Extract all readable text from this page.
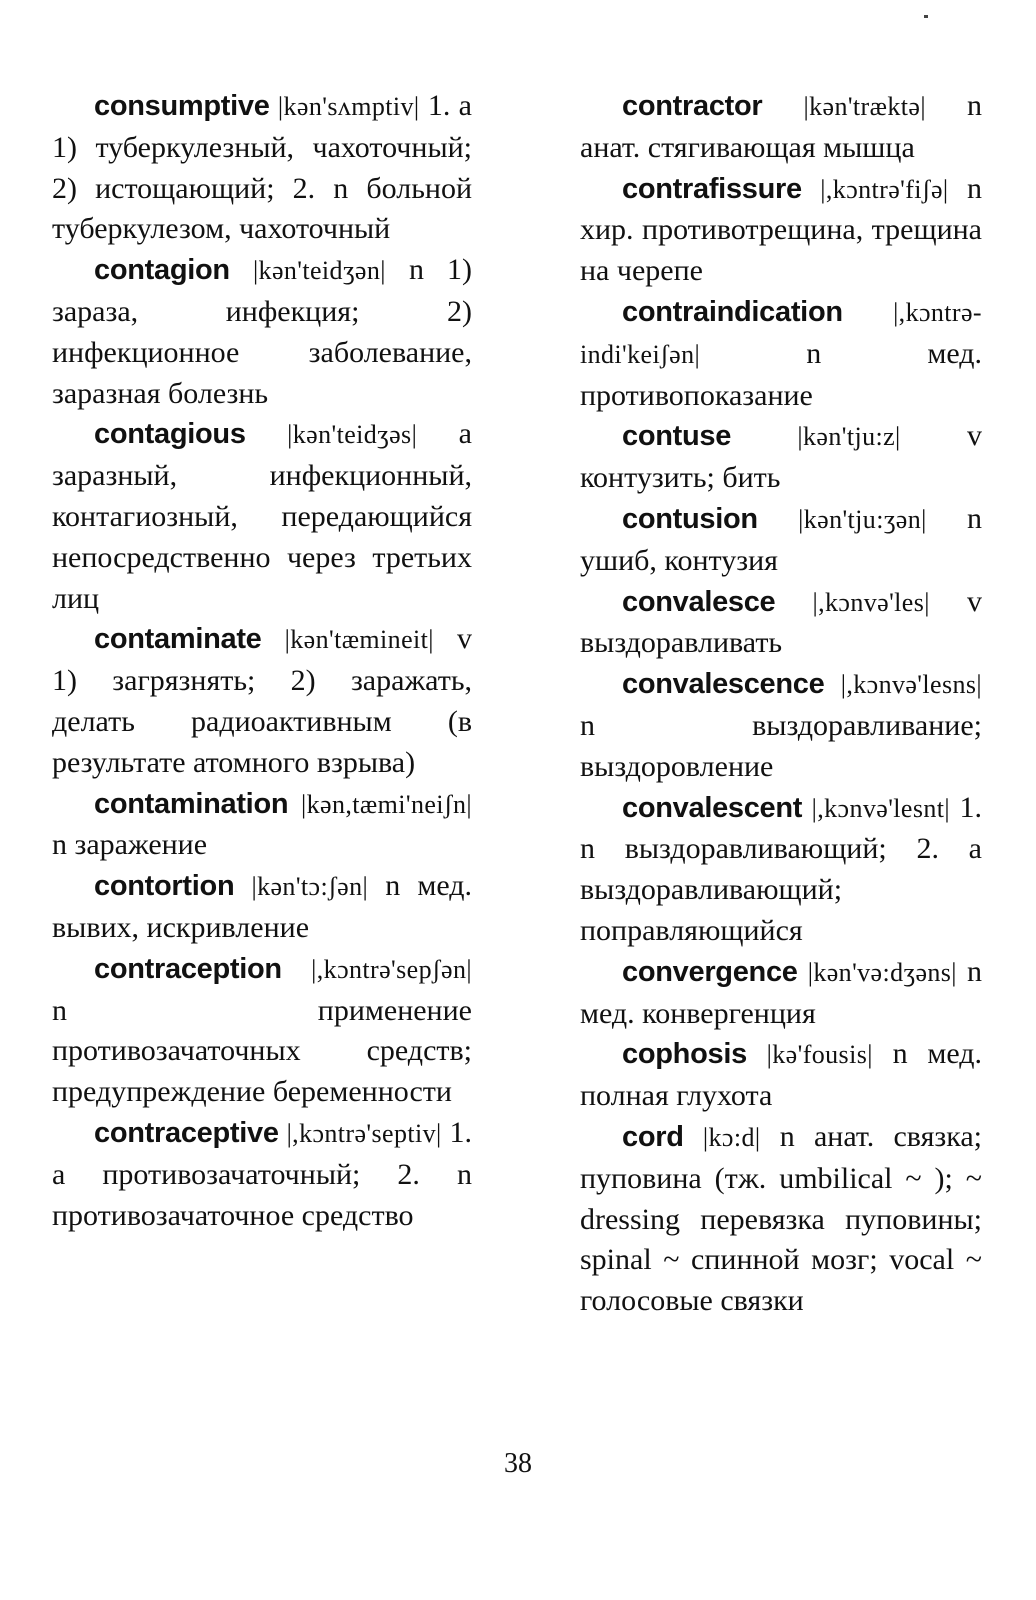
consumptive |kən'sʌmptiv| 1. a 1) туберкулезный, чахоточный; 2) истощающий; 2. n больной туберкулезом, чахоточный

contagion |kən'teidʒən| n 1) зараза, инфекция; 2) инфекционное заболевание, заразная болезнь

contagious |kən'teidʒəs| a заразный, инфекционный, контагиозный, передающийся непосредственно через третьих лиц

contaminate |kən'tæmineit| v 1) загрязнять; 2) заражать, делать радиоактивным (в результате атомного взрыва)

contamination |kən,tæmi'neiʃn| n заражение

contortion |kən'tɔ:ʃən| n мед. вывих, искривление

contraception |,kɔntrə'sepʃən| n применение противозачаточных средств; предупреждение беременности

contraceptive |,kɔntrə'septiv| 1. a противозачаточный; 2. n противозачаточное средство

contractor |kən'træktə| n анат. стягивающая мышца

contrafissure |,kɔntrə'fiʃə| n хир. противотрещина, трещина на черепе

contraindication |,kɔntrə-indi'keiʃən|	n мед. противопоказание

contuse	|kən'tju:z| v контузить; бить

contusion |kən'tju:ʒən| n ушиб, контузия

convalesce |,kɔnvə'les| v выздоравливать

convalescence |,kɔnvə'lesns| n выздоравливание; выздоровление

convalescent |,kɔnvə'lesnt| 1. n выздоравливающий; 2. a выздоравливающий; поправляющийся

convergence |kən'və:dʒəns| n мед. конвергенция

cophosis |kə'fousis| n мед. полная глухота

cord |kɔ:d| n анат. связка; пуповина (тж. umbilical ~ ); ~ dressing перевязка пуповины; spinal ~ спинной мозг; vocal ~ голосовые связки

38
